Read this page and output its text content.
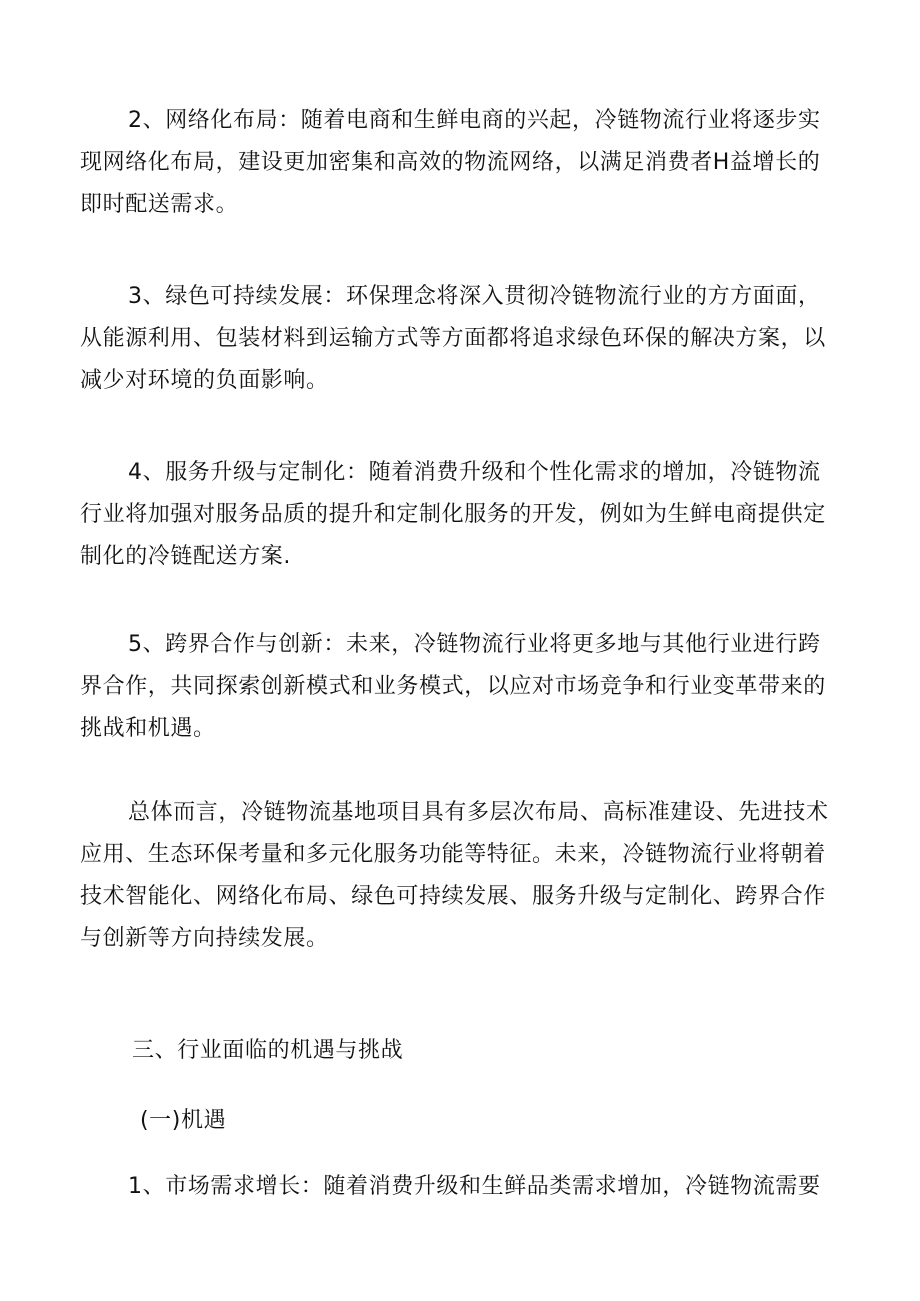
2、网络化布局：随着电商和生鲜电商的兴起，冷链物流行业将逐步实
现网络化布局，建设更加密集和高效的物流网络，以满足消费者H益增长的
即时配送需求。
3、绿色可持续发展：环保理念将深入贯彻冷链物流行业的方方面面，
从能源利用、包装材料到运输方式等方面都将追求绿色环保的解决方案，以
减少对环境的负面影响。
4、服务升级与定制化：随着消费升级和个性化需求的增加，冷链物流
行业将加强对服务品质的提升和定制化服务的开发，例如为生鲜电商提供定
制化的冷链配送方案.
5、跨界合作与创新：未来，冷链物流行业将更多地与其他行业进行跨
界合作，共同探索创新模式和业务模式，以应对市场竞争和行业变革带来的
挑战和机遇。
总体而言，冷链物流基地项目具有多层次布局、高标准建设、先进技术
应用、生态环保考量和多元化服务功能等特征。未来，冷链物流行业将朝着
技术智能化、网络化布局、绿色可持续发展、服务升级与定制化、跨界合作
与创新等方向持续发展。
三、行业面临的机遇与挑战
(一)机遇
1、市场需求增长：随着消费升级和生鲜品类需求增加，冷链物流需要
